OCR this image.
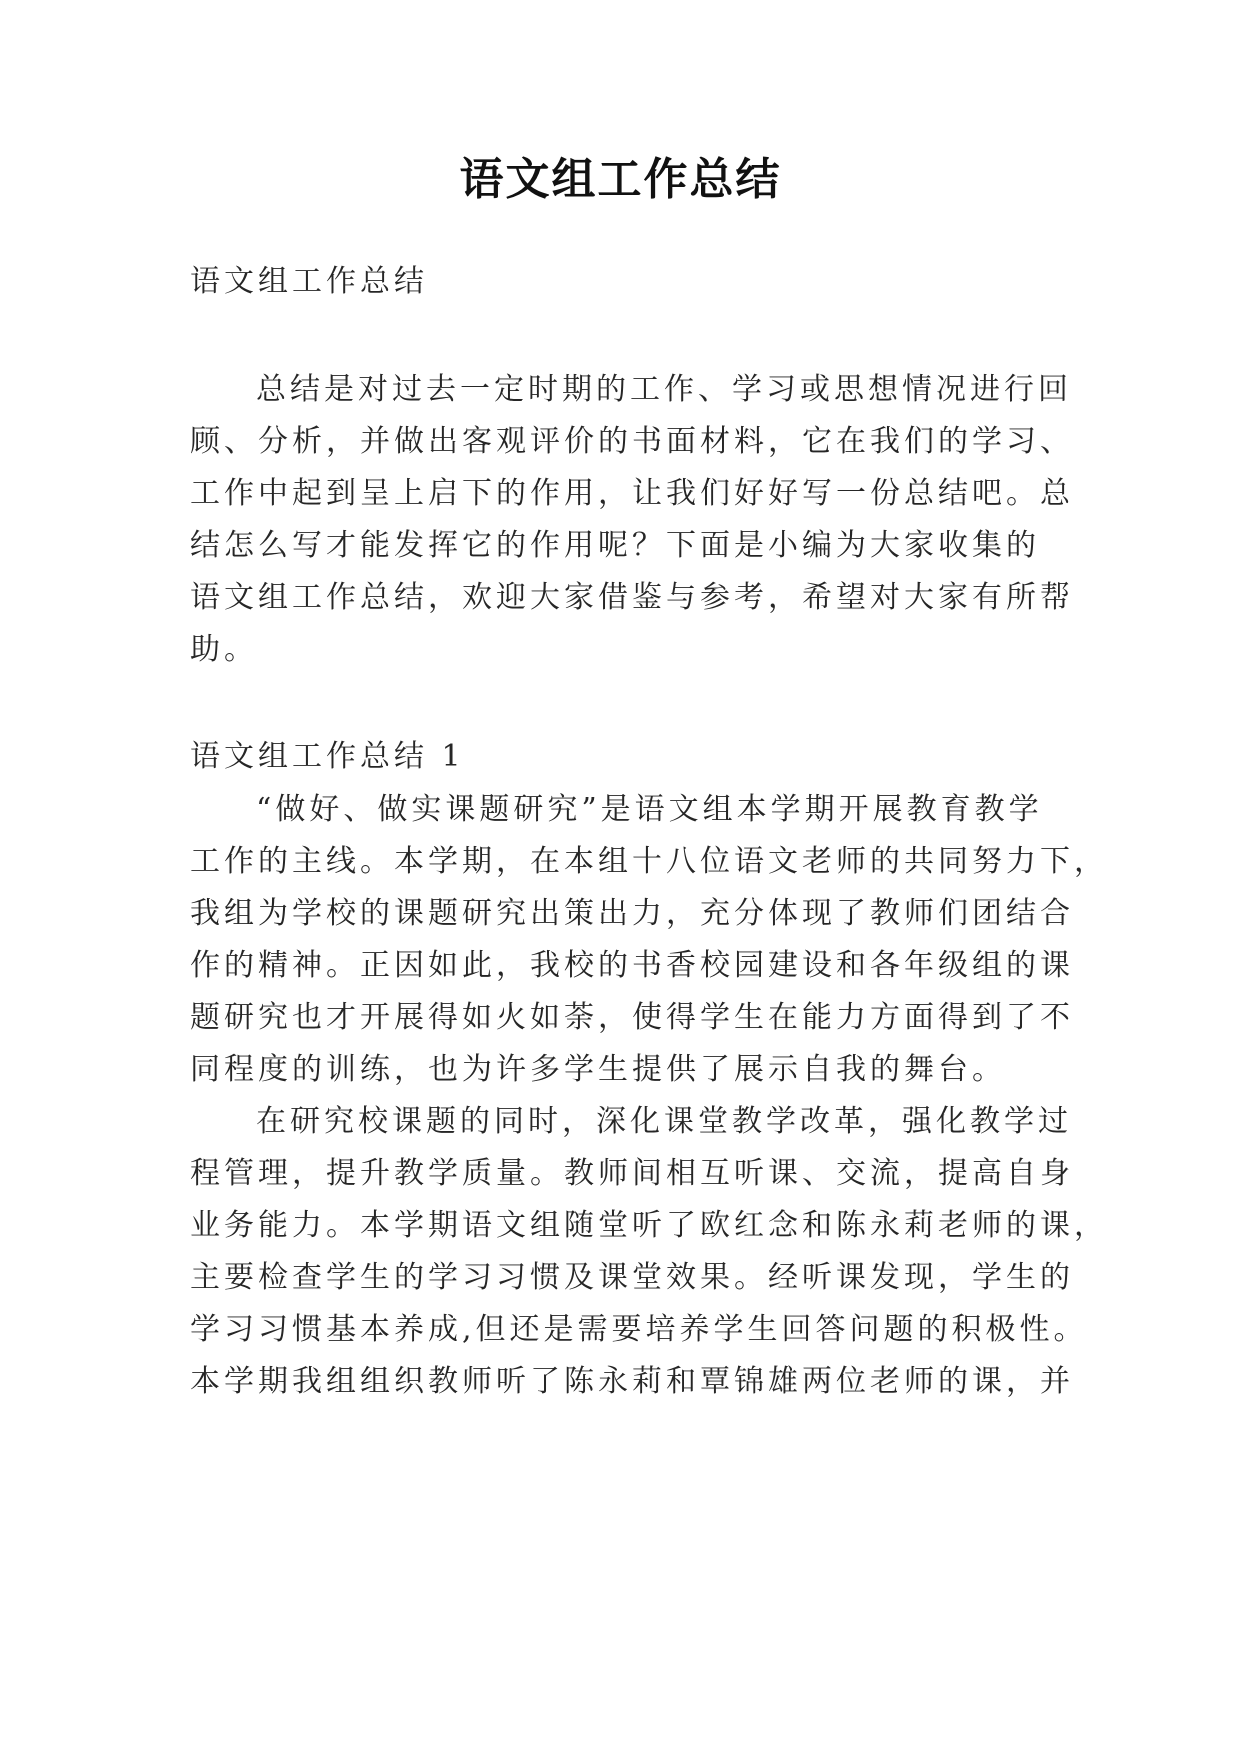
语文组工作总结
语文组工作总结
总结是对过去一定时期的工作、学习或思想情况进行回
顾、分析，并做出客观评价的书面材料，它在我们的学习、
工作中起到呈上启下的作用，让我们好好写一份总结吧。总
结怎么写才能发挥它的作用呢？下面是小编为大家收集的
语文组工作总结，欢迎大家借鉴与参考，希望对大家有所帮
助。
语文组工作总结 1
“做好、做实课题研究”是语文组本学期开展教育教学
工作的主线。本学期，在本组十八位语文老师的共同努力下，
我组为学校的课题研究出策出力，充分体现了教师们团结合
作的精神。正因如此，我校的书香校园建设和各年级组的课
题研究也才开展得如火如荼，使得学生在能力方面得到了不
同程度的训练，也为许多学生提供了展示自我的舞台。
在研究校课题的同时，深化课堂教学改革，强化教学过
程管理，提升教学质量。教师间相互听课、交流，提高自身
业务能力。本学期语文组随堂听了欧红念和陈永莉老师的课，
主要检查学生的学习习惯及课堂效果。经听课发现，学生的
学习习惯基本养成,但还是需要培养学生回答问题的积极性。
本学期我组组织教师听了陈永莉和覃锦雄两位老师的课，并
